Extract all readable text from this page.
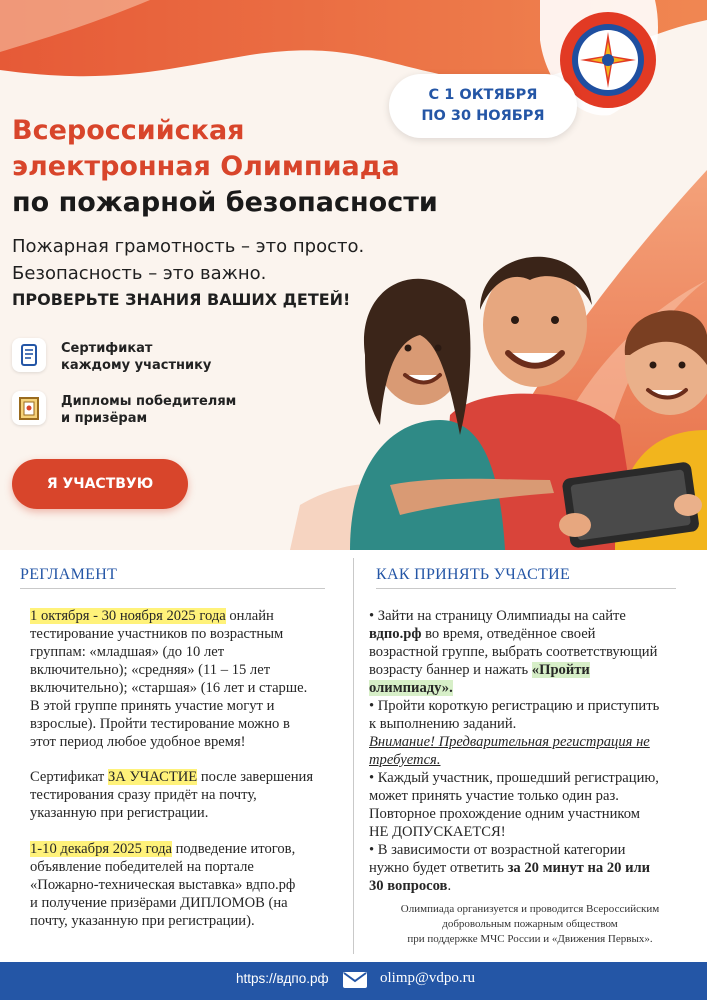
С 1 ОКТЯБРЯ
ПО 30 НОЯБРЯ
Всероссийская
электронная Олимпиада
по пожарной безопасности
Пожарная грамотность – это просто.
Безопасность – это важно.
ПРОВЕРЬТЕ ЗНАНИЯ ВАШИХ ДЕТЕЙ!
Сертификат
каждому участнику
Дипломы победителям
и призёрам
Я УЧАСТВУЮ
РЕГЛАМЕНТ
1 октября - 30 ноября 2025 года онлайн
тестирование участников по возрастным
группам: «младшая» (до 10 лет
включительно); «средняя» (11 – 15 лет
включительно); «старшая» (16 лет и старше.
В этой группе принять участие могут и
взрослые). Пройти тестирование можно в
этот период любое удобное время!
Сертификат ЗА УЧАСТИЕ после завершения
тестирования сразу придёт на почту,
указанную при регистрации.
1-10 декабря 2025 года подведение итогов,
объявление победителей на портале
«Пожарно-техническая выставка» вдпо.рф
и получение призёрами ДИПЛОМОВ (на
почту, указанную при регистрации).
КАК ПРИНЯТЬ УЧАСТИЕ
• Зайти на страницу Олимпиады на сайте
вдпо.рф во время, отведённое своей
возрастной группе, выбрать соответствующий
возрасту баннер и нажать «Пройти
олимпиаду».
• Пройти короткую регистрацию и приступить
к выполнению заданий.
Внимание! Предварительная регистрация не
требуется.
• Каждый участник, прошедший регистрацию,
может принять участие только один раз.
Повторное прохождение одним участником
НЕ ДОПУСКАЕТСЯ!
• В зависимости от возрастной категории
нужно будет ответить за 20 минут на 20 или
30 вопросов.
Олимпиада организуется и проводится Всероссийским
добровольным пожарным обществом
при поддержке МЧС России и «Движения Первых».
https://вдпо.рф	olimp@vdpo.ru
